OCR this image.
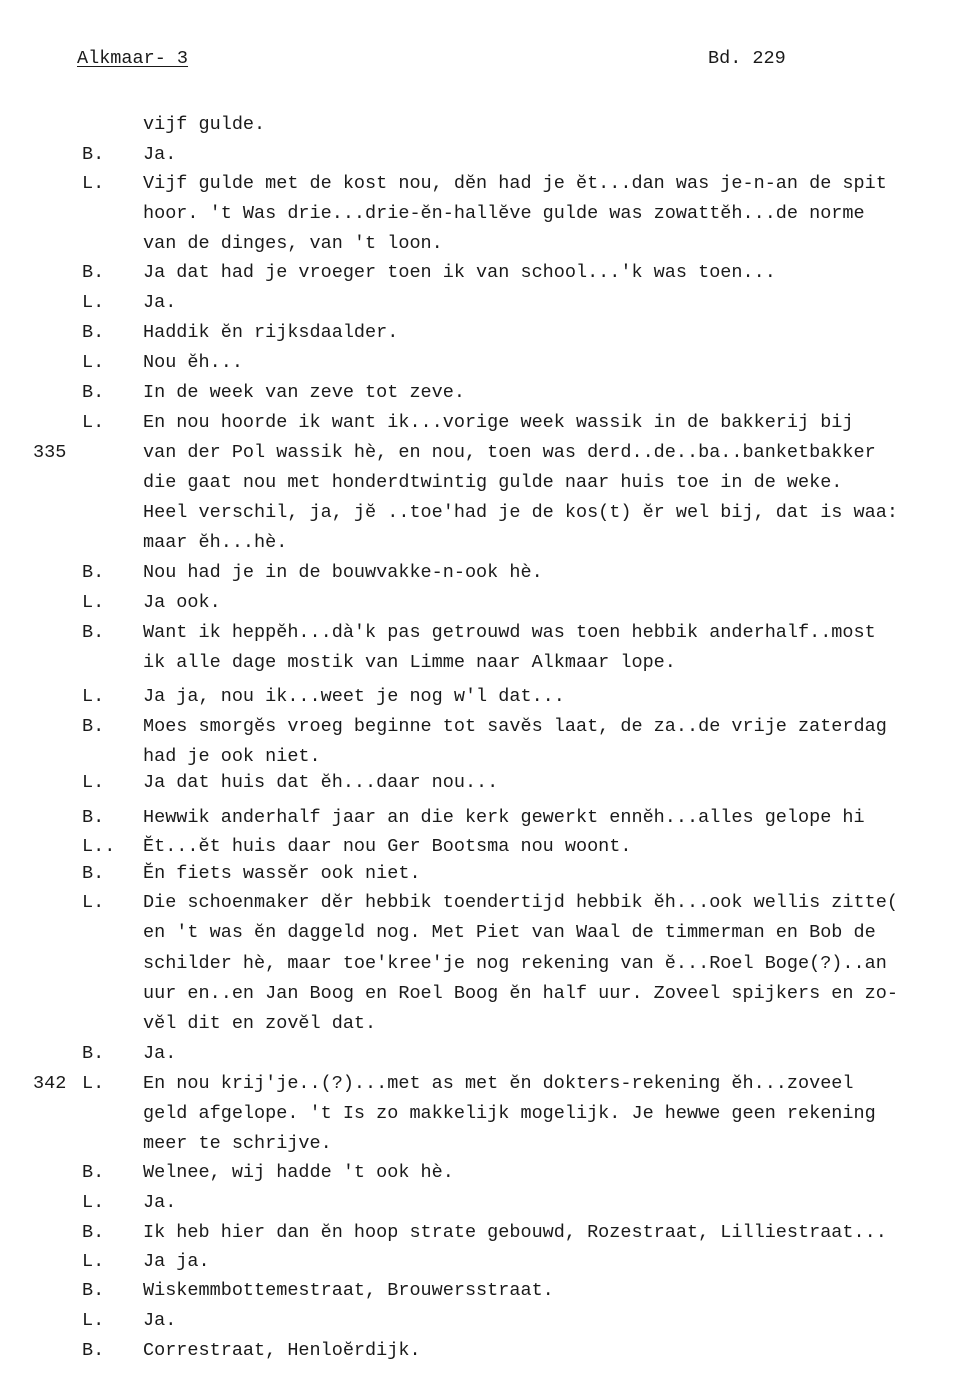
Alkmaar- 3	Bd. 229
vijf gulde.
B. Ja.
L. Vijf gulde met de kost nou, dĕn had je ĕt...dan was je-n-an de spit
hoor. 't Was drie...drie-ĕn-hallĕve gulde was zowattĕh...de norme
van de dinges, van 't loon.
B. Ja dat had je vroeger toen ik van school...'k was toen...
L. Ja.
B. Haddik ĕn rijksdaalder.
L. Nou ĕh...
B. In de week van zeve tot zeve.
L. En nou hoorde ik want ik...vorige week wassik in de bakkerij bij
335	van der Pol wassik hè, en nou, toen was derd..de..ba..banketbakker
die gaat nou met honderdtwintig gulde naar huis toe in de weke.
Heel verschil, ja, jĕ ..toe'had je de kos(t) ĕr wel bij, dat is waa:
maar ĕh...hè.
B. Nou had je in de bouwvakke-n-ook hè.
L. Ja ook.
B. Want ik heppĕh...dà'k pas getrouwd was toen hebbik anderhalf..most
ik alle dage mostik van Limme naar Alkmaar lope.
L. Ja ja, nou ik...weet je nog w'l dat...
B. Moes smorgĕs vroeg beginne tot savĕs laat, de za..de vrije zaterdag
had je ook niet.
L. Ja dat huis dat ĕh...daar nou...
B. Hewwik anderhalf jaar an die kerk gewerkt ennĕh...alles gelope hi
L.. Ĕt...ĕt huis daar nou Ger Bootsma nou woont.
B. Ĕn fiets wassĕr ook niet.
L. Die schoenmaker dĕr hebbik toendertijd hebbik ĕh...ook wellis zitte(
en 't was ĕn daggeld nog. Met Piet van Waal de timmerman en Bob de
schilder hè, maar toe'kree'je nog rekening van ĕ...Roel Boge(?)..an
uur en..en Jan Boog en Roel Boog ĕn half uur. Zoveel spijkers en zo-
vĕl dit en zovĕl dat.
B. Ja.
342 L. En nou krij'je..(?)...met as met ĕn dokters-rekening ĕh...zoveel
geld afgelope. 't Is zo makkelijk mogelijk. Je hewwe geen rekening
meer te schrijve.
B. Welnee, wij hadde 't ook hè.
L. Ja.
B. Ik heb hier dan ĕn hoop strate gebouwd, Rozestraat, Lilliestraat...
L. Ja ja.
B. Wiskemmbottemestraat, Brouwersstraat.
L. Ja.
B. Correstraat, Henloĕrdijk.
